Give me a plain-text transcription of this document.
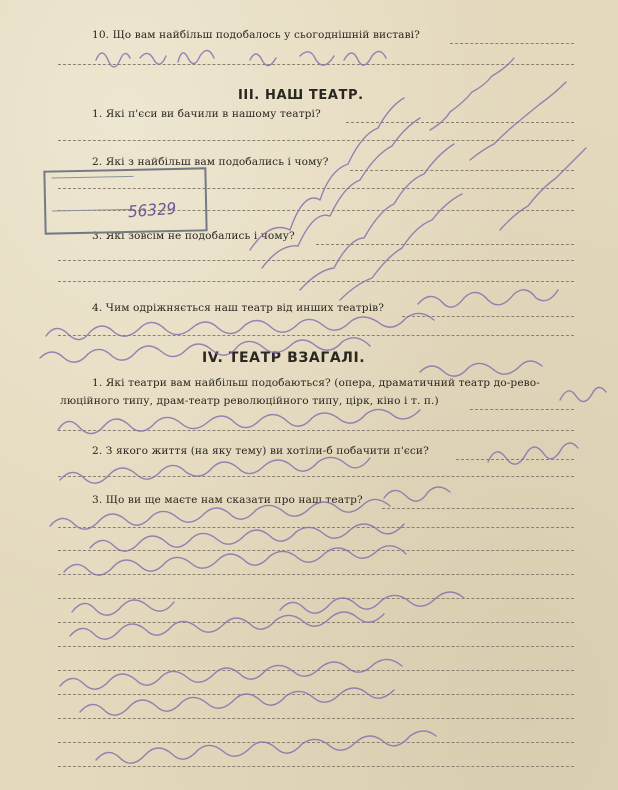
10. Що вам найбільш подобалось у сьогоднішній виставі?
III. НАШ ТЕАТР.
1. Які п'єси ви бачили в нашому театрі?
2. Які з найбільш вам подобались і чому?
3. Які зовсім не подобались і чому?
4. Чим одріжняється наш театр від инших театрів?
IV. ТЕАТР ВЗАГАЛІ.
1. Які театри вам найбільш подобаються? (опера, драматичний театр до-рево-
люційного типу, драм-театр революційного типу, цірк, кіно і т. п.)
2. З якого життя (на яку тему) ви хотіли-б побачити п'єси?
3. Що ви ще маєте нам сказати про наш театр?
56329
